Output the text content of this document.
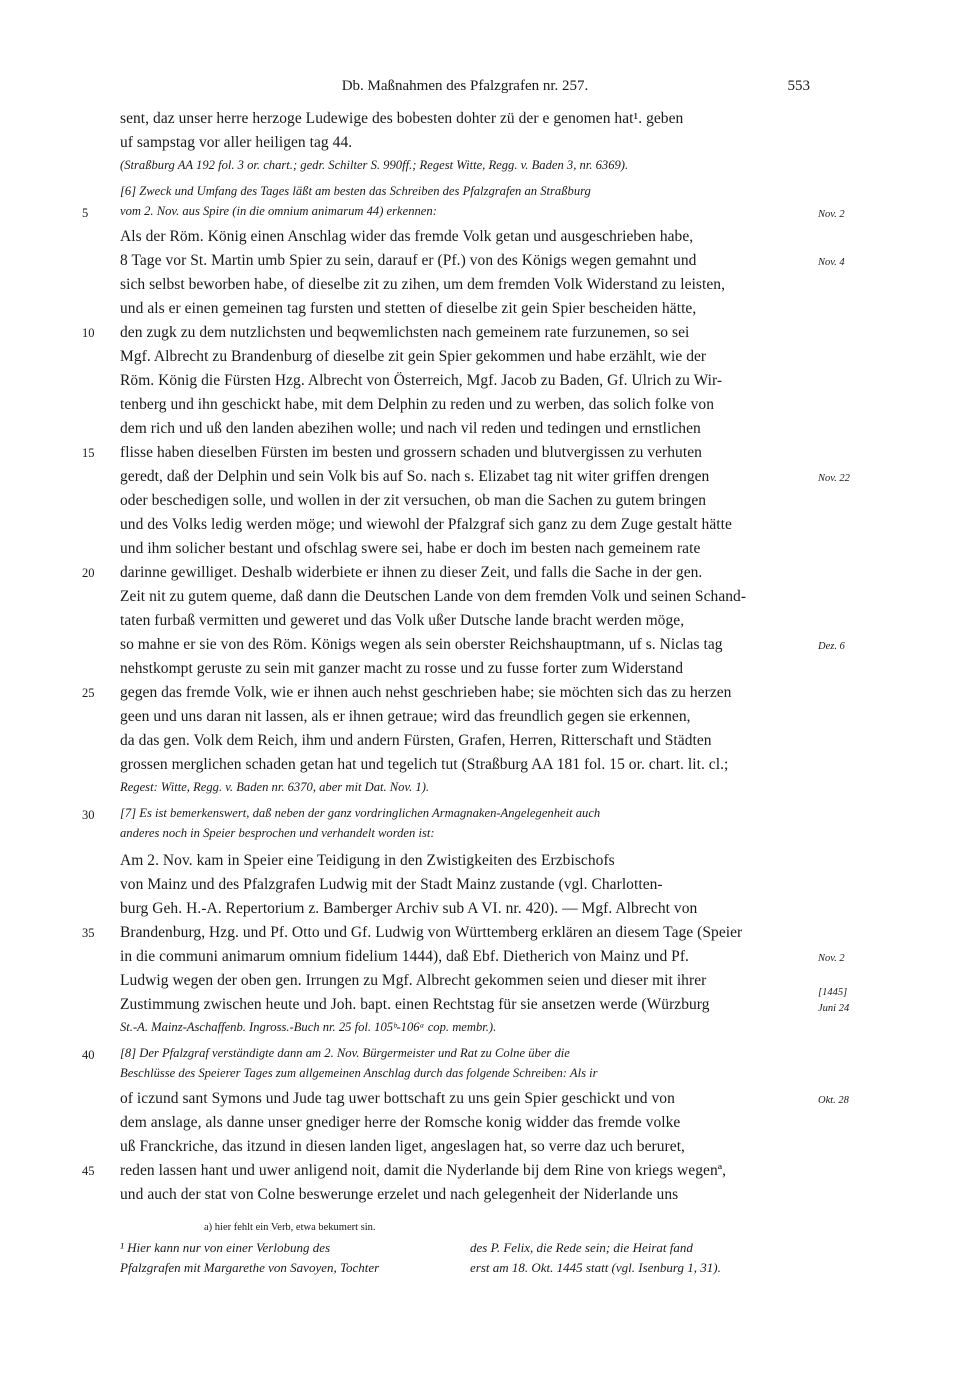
Db. Maßnahmen des Pfalzgrafen nr. 257.	553
sent, daz unser herre herzoge Ludewige des bobesten dohter zü der e genomen hat¹. geben
uf sampstag vor aller heiligen tag 44.
(Straßburg AA 192 fol. 3 or. chart.; gedr. Schilter S. 990ff.; Regest Witte, Regg. v. Baden 3, nr. 6369).
[6] Zweck und Umfang des Tages läßt am besten das Schreiben des Pfalzgrafen an Straßburg
vom 2. Nov. aus Spire (in die omnium animarum 44) erkennen:
Als der Röm. König einen Anschlag wider das fremde Volk getan und ausgeschrieben habe,
8 Tage vor St. Martin umb Spier zu sein, darauf er (Pf.) von des Königs wegen gemahnt und
sich selbst beworben habe, of dieselbe zit zu zihen, um dem fremden Volk Widerstand zu leisten,
und als er einen gemeinen tag fursten und stetten of dieselbe zit gein Spier bescheiden hätte,
den zugk zu dem nutzlichsten und beqwemlichsten nach gemeinem rate furzunemen, so sei
Mgf. Albrecht zu Brandenburg of dieselbe zit gein Spier gekommen und habe erzählt, wie der
Röm. König die Fürsten Hzg. Albrecht von Österreich, Mgf. Jacob zu Baden, Gf. Ulrich zu Wir-
tenberg und ihn geschickt habe, mit dem Delphin zu reden und zu werben, das solich folke von
dem rich und uß den landen abezihen wolle; und nach vil reden und tedingen und ernstlichen
flisse haben dieselben Fürsten im besten und grossern schaden und blutvergissen zu verhuten
geredt, daß der Delphin und sein Volk bis auf So. nach s. Elizabet tag nit witer griffen drengen
oder beschedigen solle, und wollen in der zit versuchen, ob man die Sachen zu gutem bringen
und des Volks ledig werden möge; und wiewohl der Pfalzgraf sich ganz zu dem Zuge gestalt hätte
und ihm solicher bestant und ofschlag swere sei, habe er doch im besten nach gemeinem rate
darinne gewilliget. Deshalb widerbiete er ihnen zu dieser Zeit, und falls die Sache in der gen.
Zeit nit zu gutem queme, daß dann die Deutschen Lande von dem fremden Volk und seinen Schand-
taten furbaß vermitten und geweret und das Volk ußer Dutsche lande bracht werden möge,
so mahne er sie von des Röm. Königs wegen als sein oberster Reichshauptmann, uf s. Niclas tag
nehstkompt geruste zu sein mit ganzer macht zu rosse und zu fusse forter zum Widerstand
gegen das fremde Volk, wie er ihnen auch nehst geschrieben habe; sie möchten sich das zu herzen
geen und uns daran nit lassen, als er ihnen getraue; wird das freundlich gegen sie erkennen,
da das gen. Volk dem Reich, ihm und andern Fürsten, Grafen, Herren, Ritterschaft und Städten
grossen merglichen schaden getan hat und tegelich tut (Straßburg AA 181 fol. 15 or. chart. lit. cl.;
Regest: Witte, Regg. v. Baden nr. 6370, aber mit Dat. Nov. 1).
[7] Es ist bemerkenswert, daß neben der ganz vordringlichen Armagnaken-Angelegenheit auch
anderes noch in Speier besprochen und verhandelt worden ist:
Am 2. Nov. kam in Speier eine Teidigung in den Zwistigkeiten des Erzbischofs
von Mainz und des Pfalzgrafen Ludwig mit der Stadt Mainz zustande (vgl. Charlotten-
burg Geh. H.-A. Repertorium z. Bamberger Archiv sub A VI. nr. 420). — Mgf. Albrecht von
Brandenburg, Hzg. und Pf. Otto und Gf. Ludwig von Württemberg erklären an diesem Tage (Speier
in die communi animarum omnium fidelium 1444), daß Ebf. Dietherich von Mainz und Pf.
Ludwig wegen der oben gen. Irrungen zu Mgf. Albrecht gekommen seien und dieser mit ihrer
Zustimmung zwischen heute und Joh. bapt. einen Rechtstag für sie ansetzen werde (Würzburg
St.-A. Mainz-Aschaffenb. Ingross.-Buch nr. 25 fol. 105ᵇ-106ᵃ cop. membr.).
[8] Der Pfalzgraf verständigte dann am 2. Nov. Bürgermeister und Rat zu Colne über die
Beschlüsse des Speierer Tages zum allgemeinen Anschlag durch das folgende Schreiben: Als ir
of iczund sant Symons und Jude tag uwer bottschaft zu uns gein Spier geschickt und von
dem anslage, als danne unser gnediger herre der Romsche konig widder das fremde volke
uß Franckriche, das itzund in diesen landen liget, angeslagen hat, so verre daz uch beruret,
reden lassen hant und uwer anligend noit, damit die Nyderlande bij dem Rine von kriegs wegenª,
und auch der stat von Colne beswerunge erzelet und nach gelegenheit der Niderlande uns
5
10
15
20
25
30
35
40
45
Nov. 2
Nov. 4
Nov. 22
Dez. 6
Nov. 2
[1445]
Juni 24
Okt. 28
a) hier fehlt ein Verb, etwa bekumert sin.
¹ Hier kann nur von einer Verlobung des
Pfalzgrafen mit Margarethe von Savoyen, Tochter
des P. Felix, die Rede sein; die Heirat fand
erst am 18. Okt. 1445 statt (vgl. Isenburg 1, 31).
